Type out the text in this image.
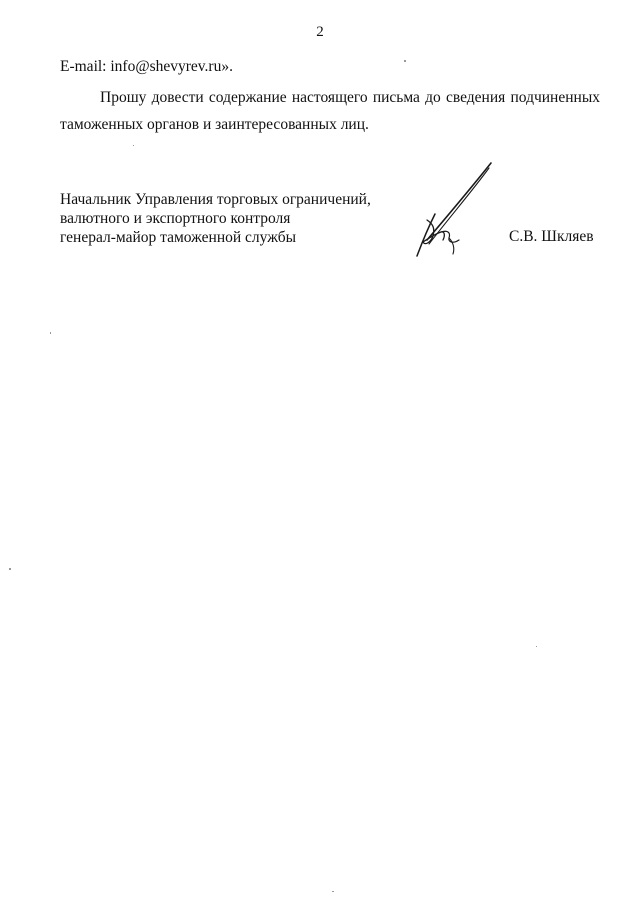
2
E-mail: info@shevyrev.ru».

Прошу довести содержание настоящего письма до сведения подчиненных таможенных органов и заинтересованных лиц.

Начальник Управления торговых ограничений,
валютного и экспортного контроля
генерал-майор таможенной службы	С.В. Шкляев
